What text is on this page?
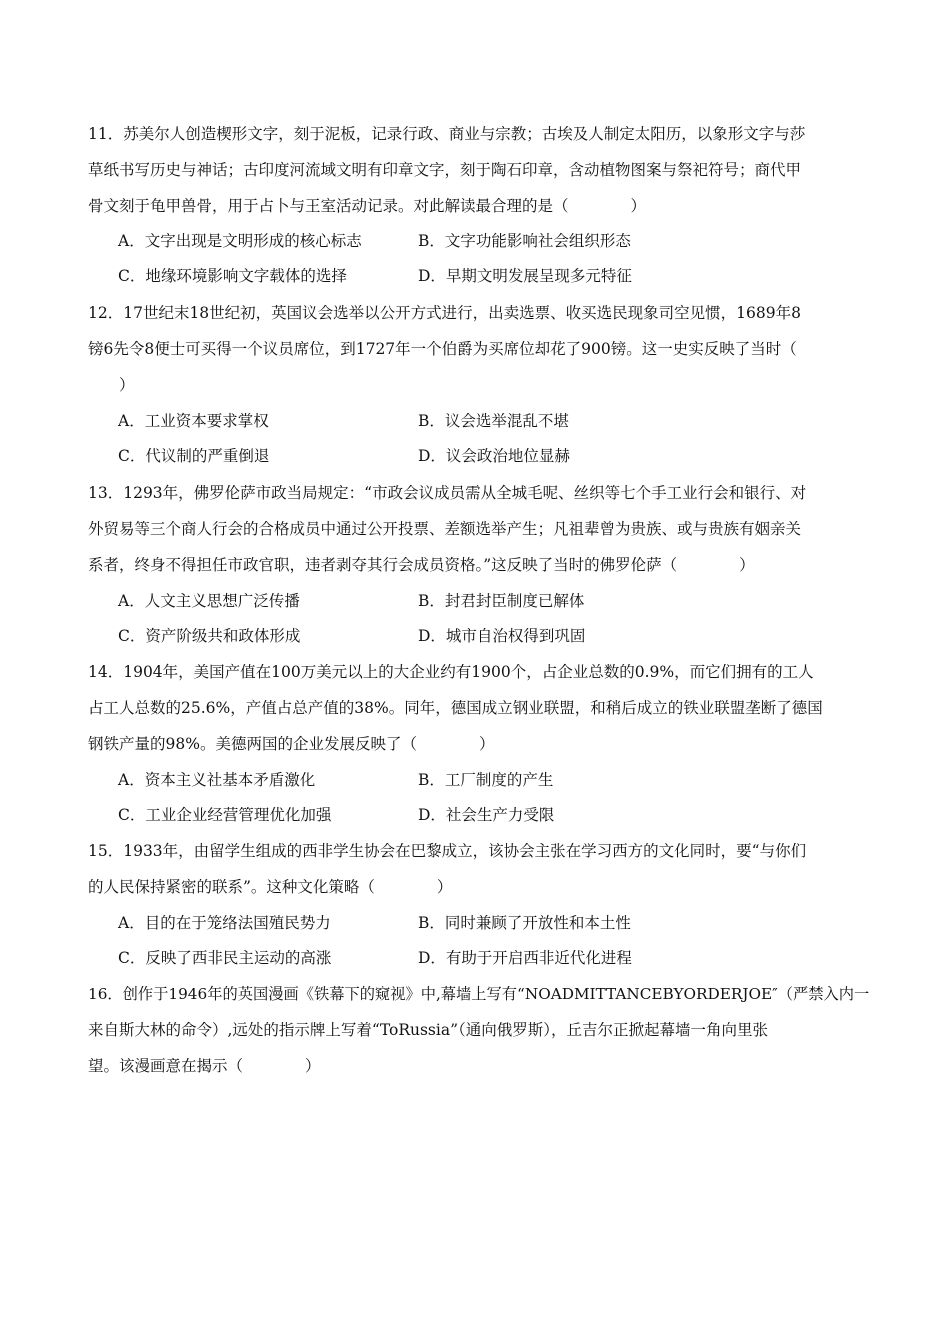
11．苏美尔人创造楔形文字，刻于泥板，记录行政、商业与宗教；古埃及人制定太阳历，以象形文字与莎
草纸书写历史与神话；古印度河流域文明有印章文字，刻于陶石印章，含动植物图案与祭祀符号；商代甲
骨文刻于龟甲兽骨，用于占卜与王室活动记录。对此解读最合理的是（　　　　）
A．文字出现是文明形成的核心标志	B．文字功能影响社会组织形态
C．地缘环境影响文字载体的选择	D．早期文明发展呈现多元特征
12．17世纪末18世纪初，英国议会选举以公开方式进行，出卖选票、收买选民现象司空见惯，1689年8
镑6先令8便士可买得一个议员席位，到1727年一个伯爵为买席位却花了900镑。这一史实反映了当时（
　　）
A．工业资本要求掌权	B．议会选举混乱不堪
C．代议制的严重倒退	D．议会政治地位显赫
13．1293年，佛罗伦萨市政当局规定：“市政会议成员需从全城毛呢、丝织等七个手工业行会和银行、对
外贸易等三个商人行会的合格成员中通过公开投票、差额选举产生；凡祖辈曾为贵族、或与贵族有姻亲关
系者，终身不得担任市政官职，违者剥夺其行会成员资格。”这反映了当时的佛罗伦萨（　　　　）
A．人文主义思想广泛传播	B．封君封臣制度已解体
C．资产阶级共和政体形成	D．城市自治权得到巩固
14．1904年，美国产值在100万美元以上的大企业约有1900个，占企业总数的0.9%，而它们拥有的工人
占工人总数的25.6%，产值占总产值的38%。同年，德国成立钢业联盟，和稍后成立的铁业联盟垄断了德国
钢铁产量的98%。美德两国的企业发展反映了（　　　　）
A．资本主义社基本矛盾激化	B．工厂制度的产生
C．工业企业经营管理优化加强	D．社会生产力受限
15．1933年，由留学生组成的西非学生协会在巴黎成立，该协会主张在学习西方的文化同时，要“与你们
的人民保持紧密的联系”。这种文化策略（　　　　）
A．目的在于笼络法国殖民势力	B．同时兼顾了开放性和本土性
C．反映了西非民主运动的高涨	D．有助于开启西非近代化进程
16．创作于1946年的英国漫画《铁幕下的窥视》中,幕墙上写有“NOADMITTANCEBYORDERJOE″（严禁入内一
来自斯大林的命令）,远处的指示牌上写着“ToRussia”（通向俄罗斯），丘吉尔正掀起幕墙一角向里张
望。该漫画意在揭示（　　　　）
